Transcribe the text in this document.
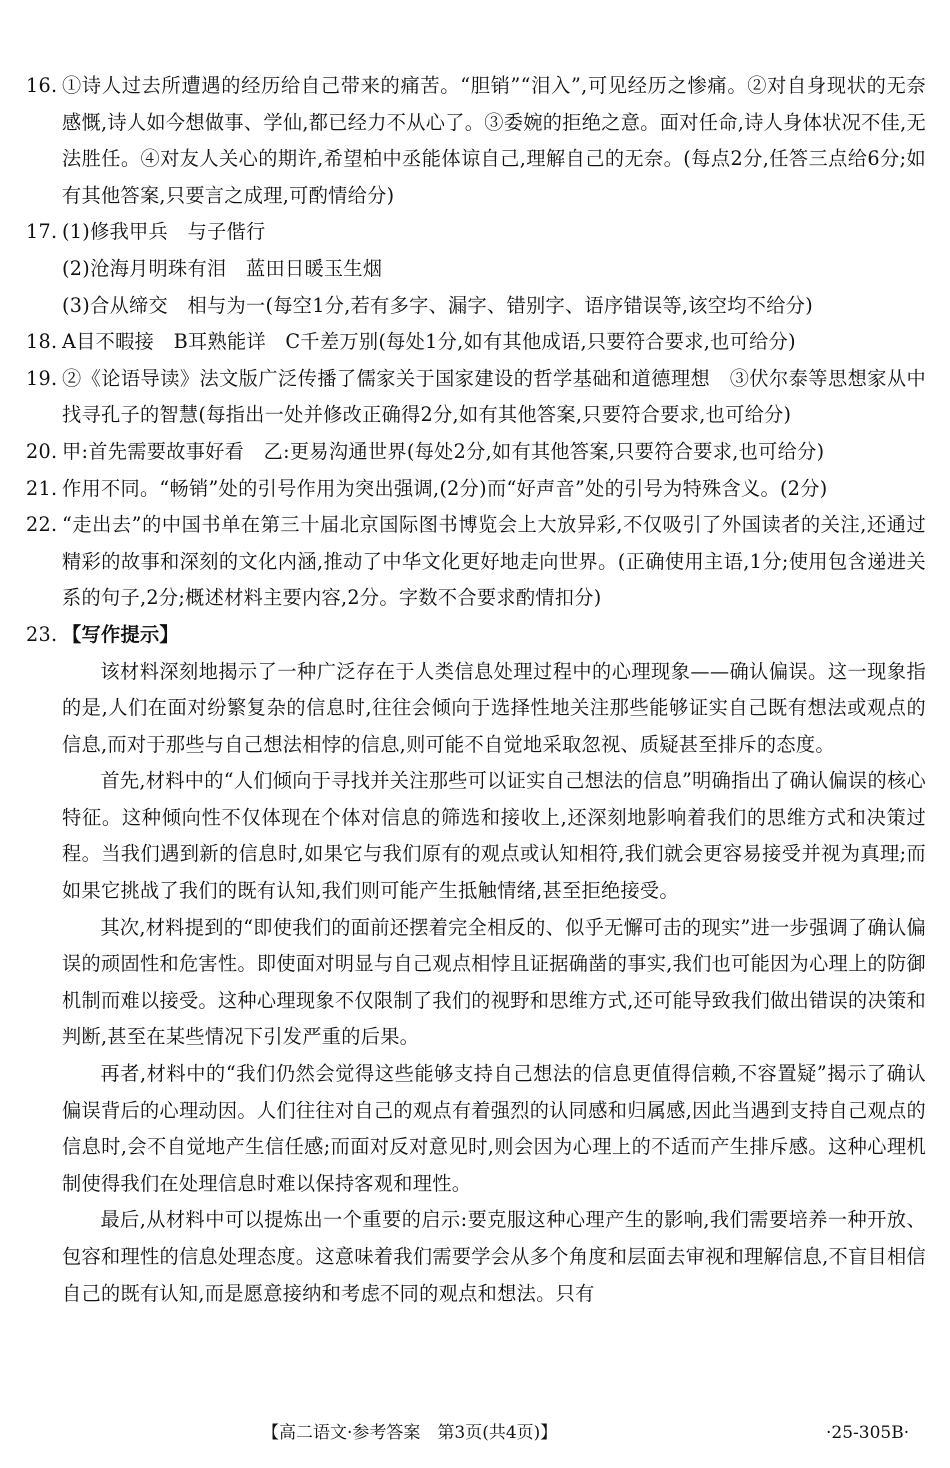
16. ①诗人过去所遭遇的经历给自己带来的痛苦。“胆销”“泪入”,可见经历之惨痛。②对自身现状的无奈感慨,诗人如今想做事、学仙,都已经力不从心了。③委婉的拒绝之意。面对任命,诗人身体状况不佳,无法胜任。④对友人关心的期许,希望柏中丞能体谅自己,理解自己的无奈。(每点2分,任答三点给6分;如有其他答案,只要言之成理,可酌情给分)
17. (1)修我甲兵　与子偕行
(2)沧海月明珠有泪　蓝田日暖玉生烟
(3)合从缔交　相与为一(每空1分,若有多字、漏字、错别字、语序错误等,该空均不给分)
18. A目不暇接　B耳熟能详　C千差万别(每处1分,如有其他成语,只要符合要求,也可给分)
19. ②《论语导读》法文版广泛传播了儒家关于国家建设的哲学基础和道德理想　③伏尔泰等思想家从中找寻孔子的智慧(每指出一处并修改正确得2分,如有其他答案,只要符合要求,也可给分)
20. 甲:首先需要故事好看　乙:更易沟通世界(每处2分,如有其他答案,只要符合要求,也可给分)
21. 作用不同。“畅销”处的引号作用为突出强调,(2分)而“好声音”处的引号为特殊含义。(2分)
22. “走出去”的中国书单在第三十届北京国际图书博览会上大放异彩,不仅吸引了外国读者的关注,还通过精彩的故事和深刻的文化内涵,推动了中华文化更好地走向世界。(正确使用主语,1分;使用包含递进关系的句子,2分;概述材料主要内容,2分。字数不合要求酌情扣分)
23. 【写作提示】

该材料深刻地揭示了一种广泛存在于人类信息处理过程中的心理现象——确认偏误。这一现象指的是,人们在面对纷繁复杂的信息时,往往会倾向于选择性地关注那些能够证实自己既有想法或观点的信息,而对于那些与自己想法相悖的信息,则可能不自觉地采取忽视、质疑甚至排斥的态度。

首先,材料中的“人们倾向于寻找并关注那些可以证实自己想法的信息”明确指出了确认偏误的核心特征。这种倾向性不仅体现在个体对信息的筛选和接收上,还深刻地影响着我们的思维方式和决策过程。当我们遇到新的信息时,如果它与我们原有的观点或认知相符,我们就会更容易接受并视为真理;而如果它挑战了我们的既有认知,我们则可能产生抵触情绪,甚至拒绝接受。

其次,材料提到的“即使我们的面前还摆着完全相反的、似乎无懈可击的现实”进一步强调了确认偏误的顽固性和危害性。即使面对明显与自己观点相悖且证据确凿的事实,我们也可能因为心理上的防御机制而难以接受。这种心理现象不仅限制了我们的视野和思维方式,还可能导致我们做出错误的决策和判断,甚至在某些情况下引发严重的后果。

再者,材料中的“我们仍然会觉得这些能够支持自己想法的信息更值得信赖,不容置疑”揭示了确认偏误背后的心理动因。人们往往对自己的观点有着强烈的认同感和归属感,因此当遇到支持自己观点的信息时,会不自觉地产生信任感;而面对反对意见时,则会因为心理上的不适而产生排斥感。这种心理机制使得我们在处理信息时难以保持客观和理性。

最后,从材料中可以提炼出一个重要的启示:要克服这种心理产生的影响,我们需要培养一种开放、包容和理性的信息处理态度。这意味着我们需要学会从多个角度和层面去审视和理解信息,不盲目相信自己的既有认知,而是愿意接纳和考虑不同的观点和想法。只有

【高二语文·参考答案　第3页(共4页)】	·25-305B·
